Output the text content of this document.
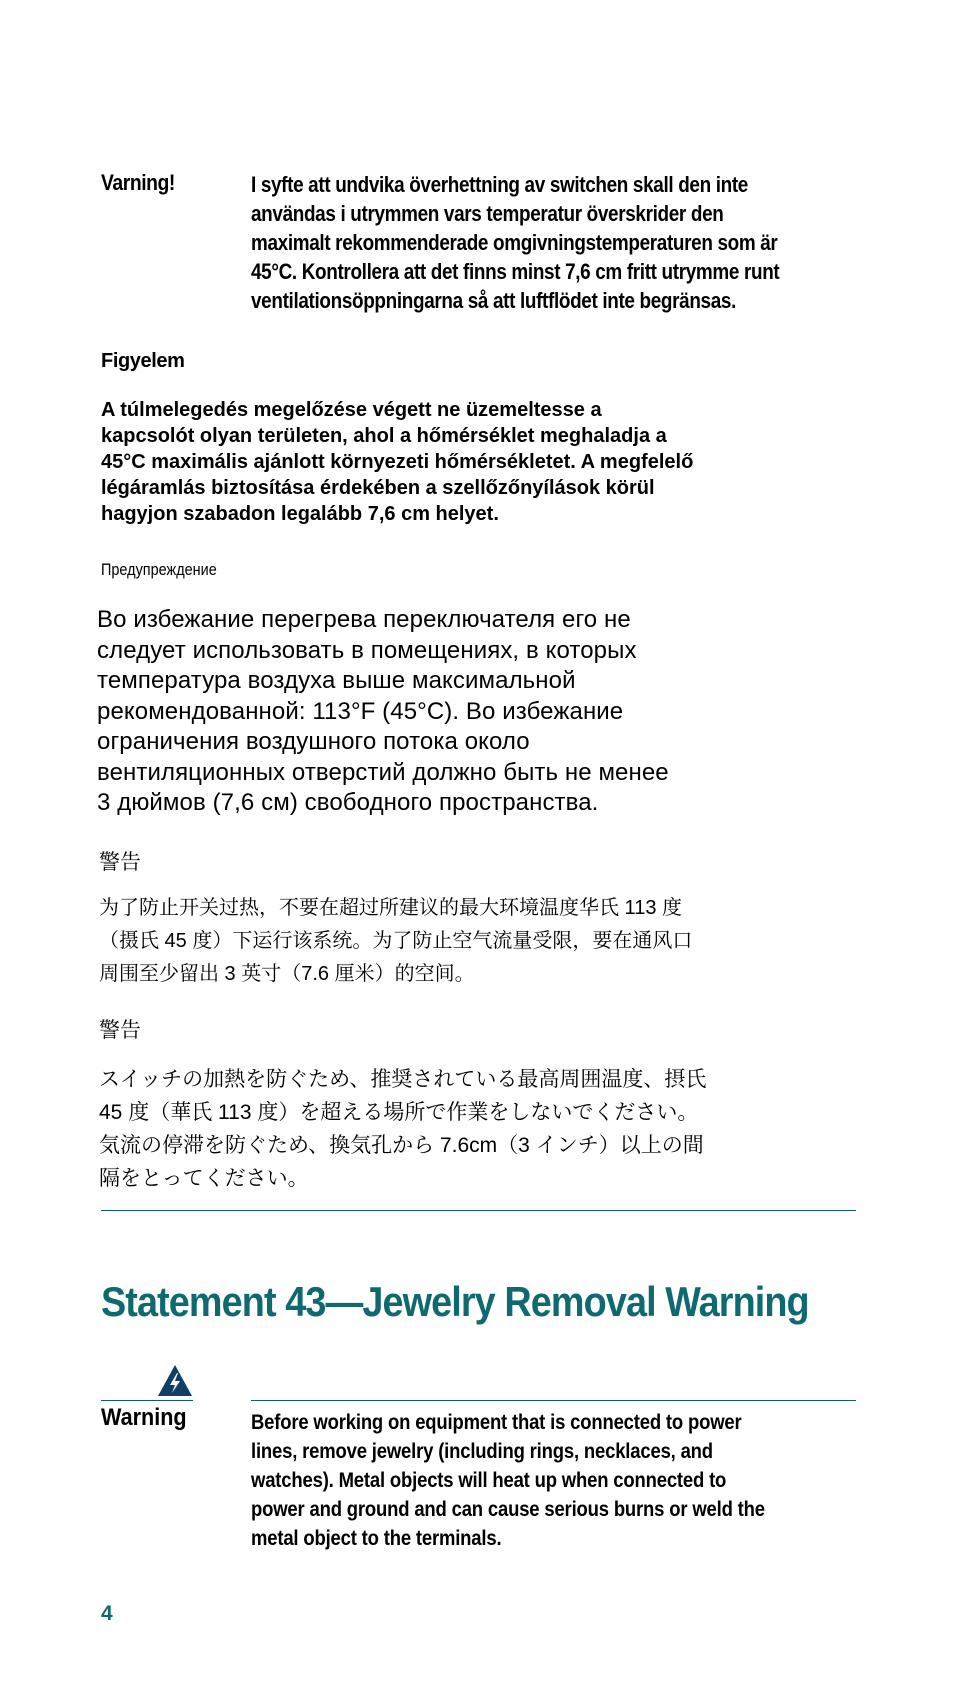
Varning!	I syfte att undvika överhettning av switchen skall den inte
användas i utrymmen vars temperatur överskrider den
maximalt rekommenderade omgivningstemperaturen som är
45°C. Kontrollera att det finns minst 7,6 cm fritt utrymme runt
ventilationsöppningarna så att luftflödet inte begränsas.
Figyelem
A túlmelegedés megelőzése végett ne üzemeltesse a
kapcsolót olyan területen, ahol a hőmérséklet meghaladja a
45°C maximális ajánlott környezeti hőmérsékletet. A megfelelő
légáramlás biztosítása érdekében a szellőzőnyílások körül
hagyjon szabadon legalább 7,6 cm helyet.
Предупреждение
Во избежание перегрева переключателя его не
следует использовать в помещениях, в которых
температура воздуха выше максимальной
рекомендованной: 113°F (45°C). Во избежание
ограничения воздушного потока около
вентиляционных отверстий должно быть не менее
3 дюймов (7,6 см) свободного пространства.
警告
为了防止开关过热，不要在超过所建议的最大环境温度华氏 113 度
（摄氏 45 度）下运行该系统。为了防止空气流量受限，要在通风口
周围至少留出 3 英寸（7.6 厘米）的空间。
警告
スイッチの加熱を防ぐため、推奨されている最高周囲温度、摂氏
45 度（華氏 113 度）を超える場所で作業をしないでください。
気流の停滞を防ぐため、換気孔から 7.6cm（3 インチ）以上の間
隔をとってください。
Statement 43—Jewelry Removal Warning
Warning	Before working on equipment that is connected to power
lines, remove jewelry (including rings, necklaces, and
watches). Metal objects will heat up when connected to
power and ground and can cause serious burns or weld the
metal object to the terminals.
4
